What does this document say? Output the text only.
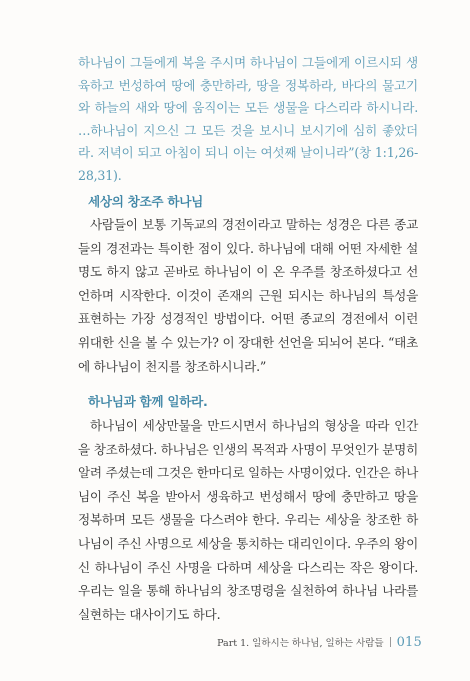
하나님이 그들에게 복을 주시며 하나님이 그들에게 이르시되 생육하고 번성하여 땅에 충만하라, 땅을 정복하라, 바다의 물고기와 하늘의 새와 땅에 움직이는 모든 생물을 다스리라 하시니라. …하나님이 지으신 그 모든 것을 보시니 보시기에 심히 좋았더라. 저녁이 되고 아침이 되니 이는 여섯째 날이니라”(창 1:1,26-28,31).
세상의 창조주 하나님
사람들이 보통 기독교의 경전이라고 말하는 성경은 다른 종교들의 경전과는 특이한 점이 있다. 하나님에 대해 어떤 자세한 설명도 하지 않고 곧바로 하나님이 이 온 우주를 창조하셨다고 선언하며 시작한다. 이것이 존재의 근원 되시는 하나님의 특성을 표현하는 가장 성경적인 방법이다. 어떤 종교의 경전에서 이런 위대한 신을 볼 수 있는가? 이 장대한 선언을 되뇌어 본다. “태초에 하나님이 천지를 창조하시니라.”
하나님과 함께 일하라.
하나님이 세상만물을 만드시면서 하나님의 형상을 따라 인간을 창조하셨다. 하나님은 인생의 목적과 사명이 무엇인가 분명히 알려 주셨는데 그것은 한마디로 일하는 사명이었다. 인간은 하나님이 주신 복을 받아서 생육하고 번성해서 땅에 충만하고 땅을 정복하며 모든 생물을 다스려야 한다. 우리는 세상을 창조한 하나님이 주신 사명으로 세상을 통치하는 대리인이다. 우주의 왕이신 하나님이 주신 사명을 다하며 세상을 다스리는 작은 왕이다. 우리는 일을 통해 하나님의 창조명령을 실천하여 하나님 나라를 실현하는 대사이기도 하다.
Part 1. 일하시는 하나님, 일하는 사람들 015
